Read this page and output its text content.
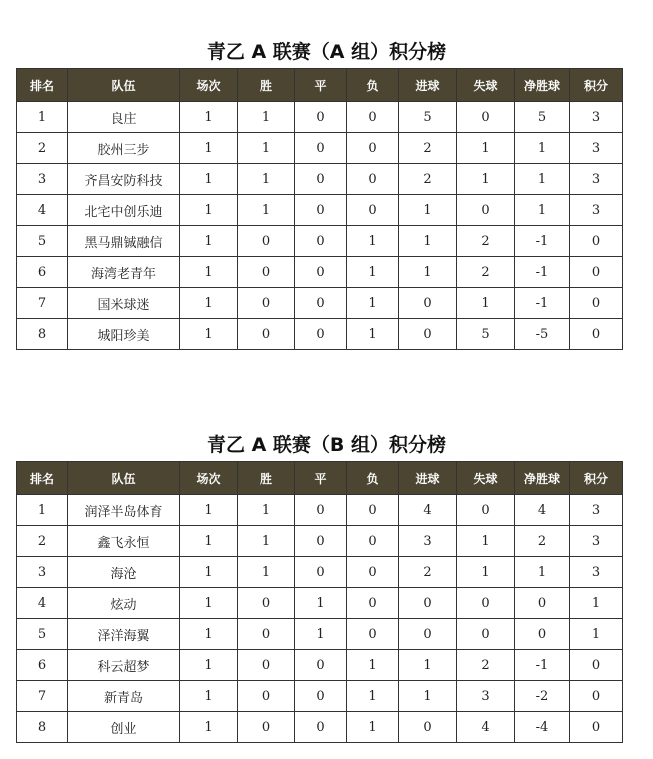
青乙 A 联赛（A 组）积分榜
排名	队伍	场次	胜	平	负	进球	失球	净胜球	积分
1	良庄	1	1	0	0	5	0	5	3
2	胶州三步	1	1	0	0	2	1	1	3
3	齐昌安防科技	1	1	0	0	2	1	1	3
4	北宅中创乐迪	1	1	0	0	1	0	1	3
5	黑马鼎铖融信	1	0	0	1	1	2	-1	0
6	海湾老青年	1	0	0	1	1	2	-1	0
7	国米球迷	1	0	0	1	0	1	-1	0
8	城阳珍美	1	0	0	1	0	5	-5	0
青乙 A 联赛（B 组）积分榜
排名	队伍	场次	胜	平	负	进球	失球	净胜球	积分
1	润泽半岛体育	1	1	0	0	4	0	4	3
2	鑫飞永恒	1	1	0	0	3	1	2	3
3	海沧	1	1	0	0	2	1	1	3
4	炫动	1	0	1	0	0	0	0	1
5	泽洋海翼	1	0	1	0	0	0	0	1
6	科云超梦	1	0	0	1	1	2	-1	0
7	新青岛	1	0	0	1	1	3	-2	0
8	创业	1	0	0	1	0	4	-4	0
